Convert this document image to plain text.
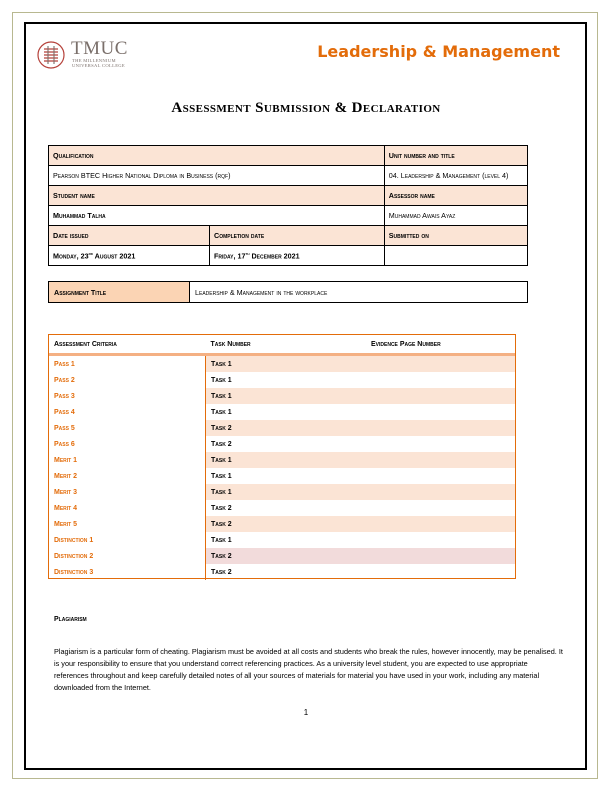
TMUC
THE MILLENNIUM
UNIVERSAL COLLEGE
Leadership & Management
Assessment Submission & Declaration
Qualification		Unit number and title
Pearson BTEC Higher National Diploma in Business (rqf)		04. Leadership & Management (level 4)
Student name		Assessor name
Muhammad Talha		Muhammad Awais Ayaz
Date issued	Completion date	Submitted on
Monday, 23rd August 2021	Friday, 17th December 2021	
Assignment Title	Leadership & Management in the workplace
Assessment Criteria	Task Number	Evidence Page Number
Pass 1	Task 1	
Pass 2	Task 1	
Pass 3	Task 1	
Pass 4	Task 1	
Pass 5	Task 2	
Pass 6	Task 2	
Merit 1	Task 1	
Merit 2	Task 1	
Merit 3	Task 1	
Merit 4	Task 2	
Merit 5	Task 2	
Distinction 1	Task 1	
Distinction 2	Task 2	
Distinction 3	Task 2	
Plagiarism
Plagiarism is a particular form of cheating. Plagiarism must be avoided at all costs and students who break the rules, however innocently, may be penalised. It is your responsibility to ensure that you understand correct referencing practices. As a university level student, you are expected to use appropriate references throughout and keep carefully detailed notes of all your sources of materials for material you have used in your work, including any material downloaded from the Internet.
1
